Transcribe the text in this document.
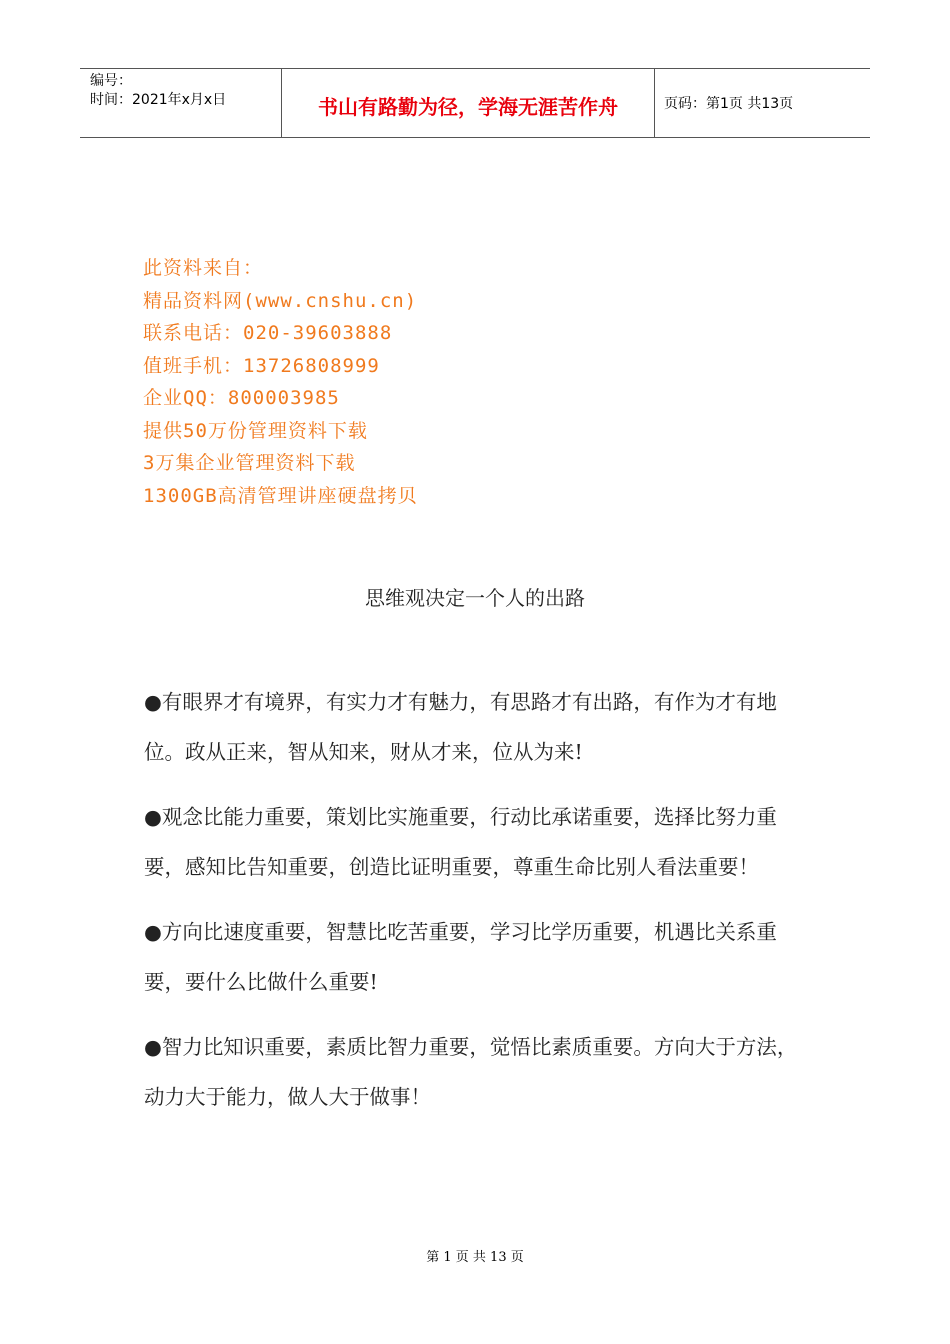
编号：
时间：2021年x月x日	书山有路勤为径，学海无涯苦作舟	页码：第1页 共13页
此资料来自：
精品资料网(www.cnshu.cn)
联系电话：020-39603888
值班手机：13726808999
企业QQ：800003985
提供50万份管理资料下载
3万集企业管理资料下载
1300GB高清管理讲座硬盘拷贝
思维观决定一个人的出路

●有眼界才有境界，有实力才有魅力，有思路才有出路，有作为才有地位。政从正来，智从知来，财从才来，位从为来!

●观念比能力重要，策划比实施重要，行动比承诺重要，选择比努力重要，感知比告知重要，创造比证明重要，尊重生命比别人看法重要！

●方向比速度重要，智慧比吃苦重要，学习比学历重要，机遇比关系重要，要什么比做什么重要!

●智力比知识重要，素质比智力重要，觉悟比素质重要。方向大于方法，动力大于能力，做人大于做事！

第 1 页 共 13 页
